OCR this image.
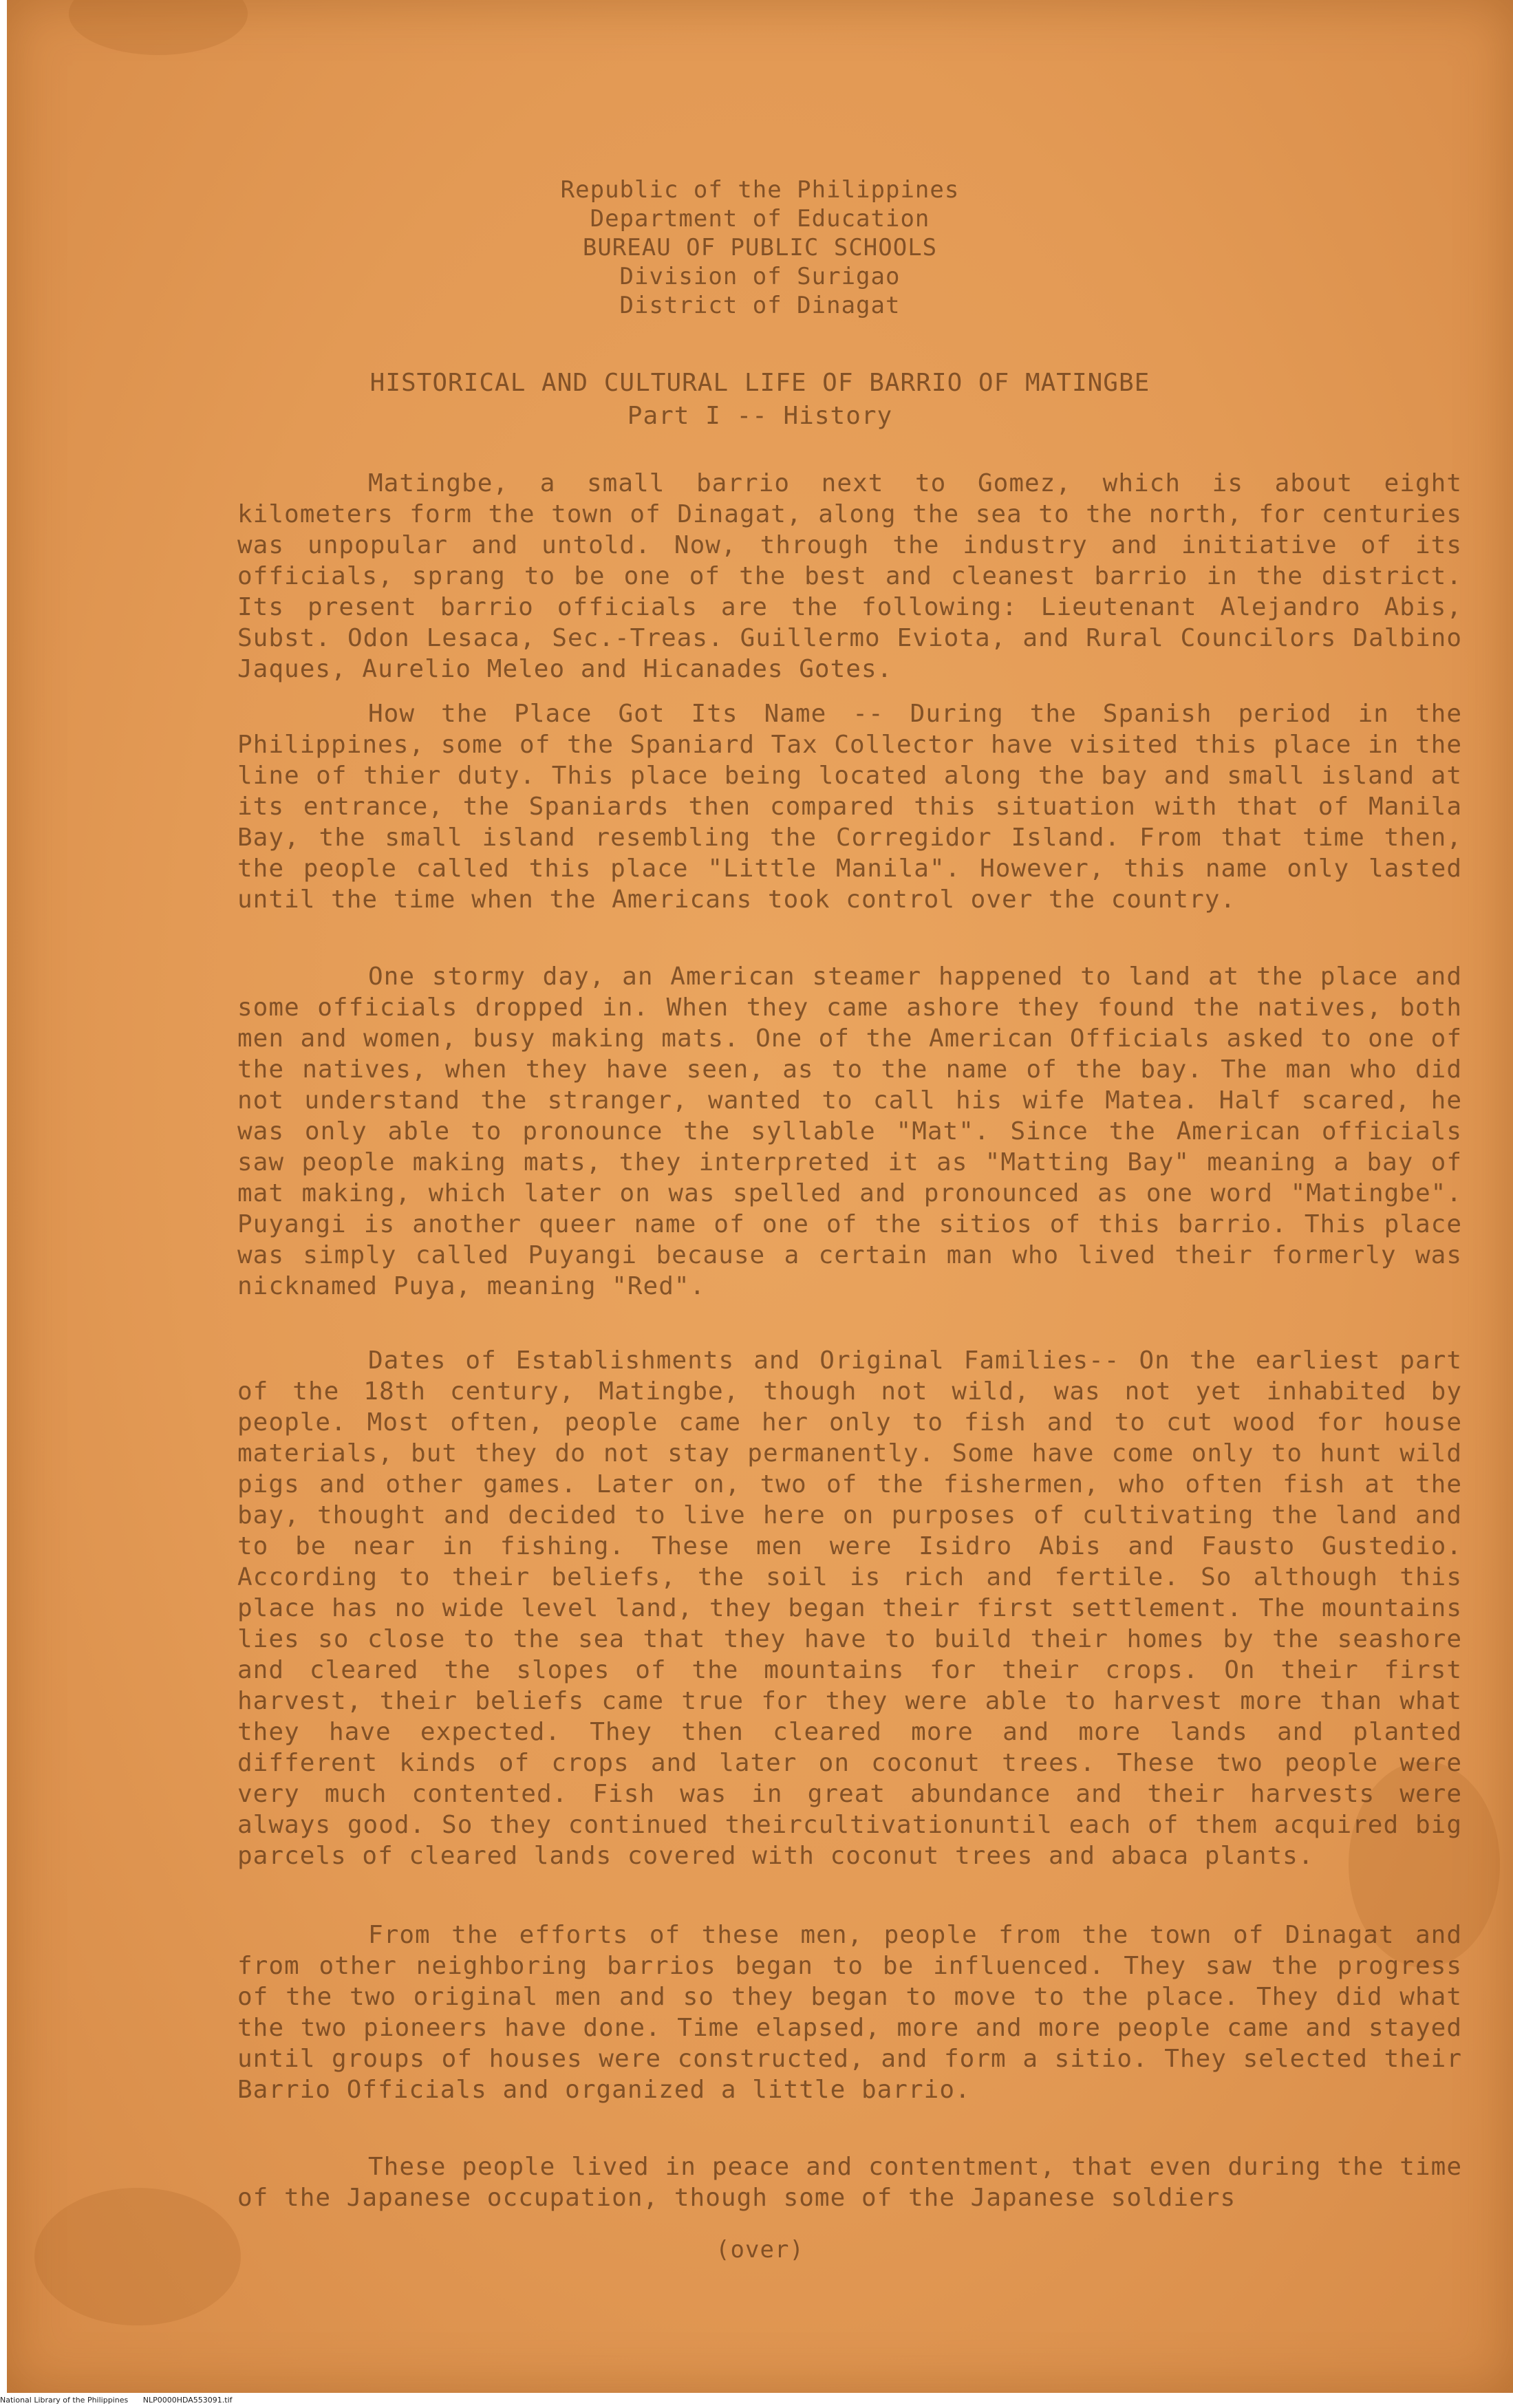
Republic of the Philippines
Department of Education
BUREAU OF PUBLIC SCHOOLS
Division of Surigao
District of Dinagat
HISTORICAL AND CULTURAL LIFE OF BARRIO OF MATINGBE
Part I -- History

Matingbe, a small barrio next to Gomez, which is about eight kilometers form the town of Dinagat, along the sea to the north, for centuries was unpopular and untold. Now, through the industry and initiative of its officials, sprang to be one of the best and cleanest barrio in the district. Its present barrio officials are the following: Lieutenant Alejandro Abis, Subst. Odon Lesaca, Sec.-Treas. Guillermo Eviota, and Rural Councilors Dalbino Jaques, Aurelio Meleo and Hicanades Gotes.

How the Place Got Its Name -- During the Spanish period in the Philippines, some of the Spaniard Tax Collector have visited this place in the line of thier duty. This place being located along the bay and small island at its entrance, the Spaniards then compared this situation with that of Manila Bay, the small island resembling the Corregidor Island. From that time then, the people called this place "Little Manila". However, this name only lasted until the time when the Americans took control over the country.

One stormy day, an American steamer happened to land at the place and some officials dropped in. When they came ashore they found the natives, both men and women, busy making mats. One of the American Officials asked to one of the natives, when they have seen, as to the name of the bay. The man who did not understand the stranger, wanted to call his wife Matea. Half scared, he was only able to pronounce the syllable "Mat". Since the American officials saw people making mats, they interpreted it as "Matting Bay" meaning a bay of mat making, which later on was spelled and pronounced as one word "Matingbe". Puyangi is another queer name of one of the sitios of this barrio. This place was simply called Puyangi because a certain man who lived their formerly was nicknamed Puya, meaning "Red".

Dates of Establishments and Original Families-- On the earliest part of the 18th century, Matingbe, though not wild, was not yet inhabited by people. Most often, people came her only to fish and to cut wood for house materials, but they do not stay permanently. Some have come only to hunt wild pigs and other games. Later on, two of the fishermen, who often fish at the bay, thought and decided to live here on purposes of cultivating the land and to be near in fishing. These men were Isidro Abis and Fausto Gustedio. According to their beliefs, the soil is rich and fertile. So although this place has no wide level land, they began their first settlement. The mountains lies so close to the sea that they have to build their homes by the seashore and cleared the slopes of the mountains for their crops. On their first harvest, their beliefs came true for they were able to harvest more than what they have expected. They then cleared more and more lands and planted different kinds of crops and later on coconut trees. These two people were very much contented. Fish was in great abundance and their harvests were always good. So they continued theircultivationuntil each of them acquired big parcels of cleared lands covered with coconut trees and abaca plants.

From the efforts of these men, people from the town of Dinagat and from other neighboring barrios began to be influenced. They saw the progress of the two original men and so they began to move to the place. They did what the two pioneers have done. Time elapsed, more and more people came and stayed until groups of houses were constructed, and form a sitio. They selected their Barrio Officials and organized a little barrio.

These people lived in peace and contentment, that even during the time of the Japanese occupation, though some of the Japanese soldiers

(over)
National Library of the Philippines NLP0000HDA553091.tif
